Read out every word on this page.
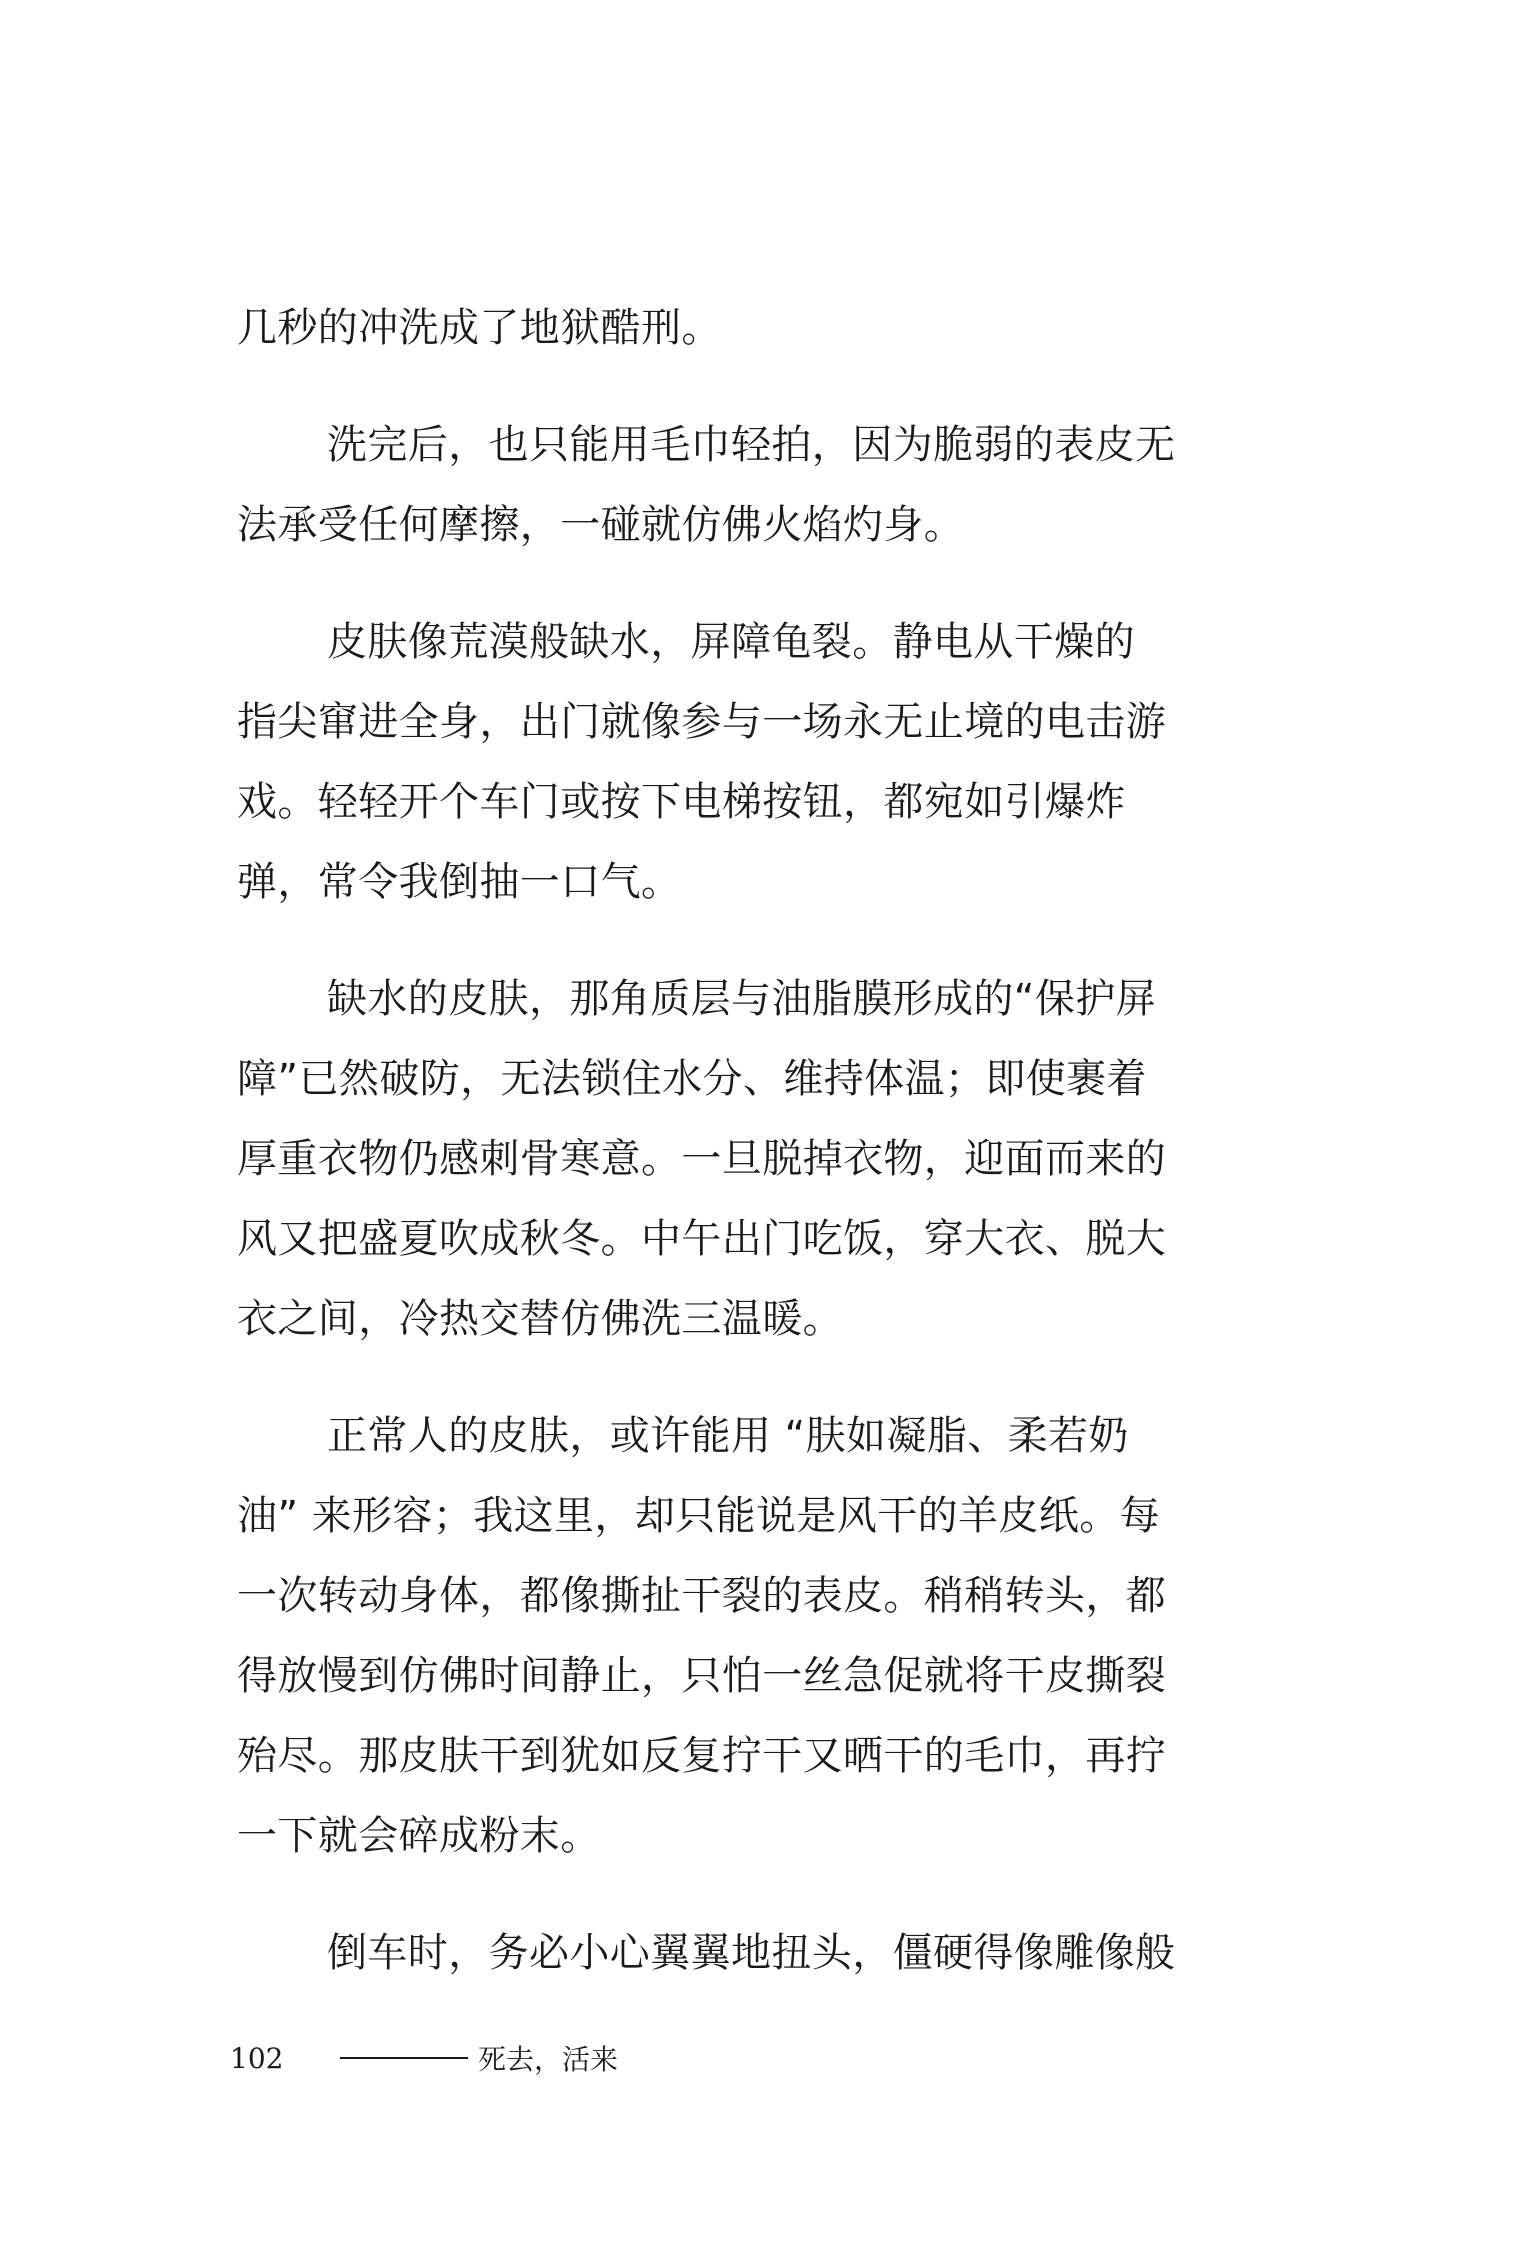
几秒的冲洗成了地狱酷刑。
洗完后，也只能用毛巾轻拍，因为脆弱的表皮无
法承受任何摩擦，一碰就仿佛火焰灼身。
皮肤像荒漠般缺水，屏障龟裂。静电从干燥的
指尖窜进全身，出门就像参与一场永无止境的电击游
戏。轻轻开个车门或按下电梯按钮，都宛如引爆炸
弹，常令我倒抽一口气。
缺水的皮肤，那角质层与油脂膜形成的“保护屏
障”已然破防，无法锁住水分、维持体温；即使裹着
厚重衣物仍感刺骨寒意。一旦脱掉衣物，迎面而来的
风又把盛夏吹成秋冬。中午出门吃饭，穿大衣、脱大
衣之间，冷热交替仿佛洗三温暖。
正常人的皮肤，或许能用 “肤如凝脂、柔若奶
油” 来形容；我这里，却只能说是风干的羊皮纸。每
一次转动身体，都像撕扯干裂的表皮。稍稍转头，都
得放慢到仿佛时间静止，只怕一丝急促就将干皮撕裂
殆尽。那皮肤干到犹如反复拧干又晒干的毛巾，再拧
一下就会碎成粉末。
倒车时，务必小心翼翼地扭头，僵硬得像雕像般
102	死去，活来
